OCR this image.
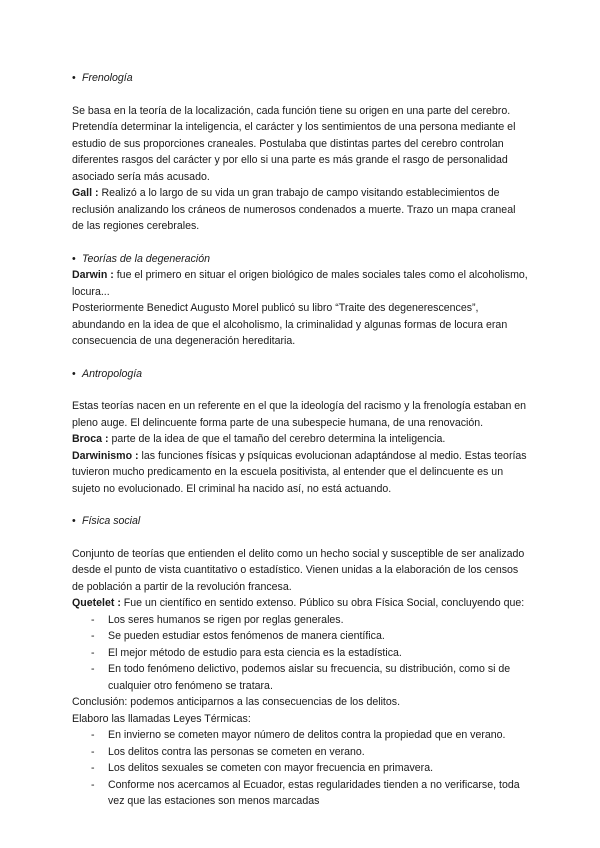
• Frenología

Se basa en la teoría de la localización, cada función tiene su origen en una parte del cerebro. Pretendía determinar la inteligencia, el carácter y los sentimientos de una persona mediante el estudio de sus proporciones craneales. Postulaba que distintas partes del cerebro controlan diferentes rasgos del carácter y por ello si una parte es más grande el rasgo de personalidad asociado sería más acusado.

Gall : Realizó a lo largo de su vida un gran trabajo de campo visitando establecimientos de reclusión analizando los cráneos de numerosos condenados a muerte. Trazo un mapa craneal de las regiones cerebrales.

• Teorías de la degeneración

Darwin : fue el primero en situar el origen biológico de males sociales tales como el alcoholismo, locura...

Posteriormente Benedict Augusto Morel publicó su libro “Traite des degenerescences”, abundando en la idea de que el alcoholismo, la criminalidad y algunas formas de locura eran consecuencia de una degeneración hereditaria.

• Antropología

Estas teorías nacen en un referente en el que la ideología del racismo y la frenología estaban en pleno auge. El delincuente forma parte de una subespecie humana, de una renovación.

Broca : parte de la idea de que el tamaño del cerebro determina la inteligencia.

Darwinismo : las funciones físicas y psíquicas evolucionan adaptándose al medio. Estas teorías tuvieron mucho predicamento en la escuela positivista, al entender que el delincuente es un sujeto no evolucionado. El criminal ha nacido así, no está actuando.

• Física social

Conjunto de teorías que entienden el delito como un hecho social y susceptible de ser analizado desde el punto de vista cuantitativo o estadístico. Vienen unidas a la elaboración de los censos de población a partir de la revolución francesa.

Quetelet : Fue un científico en sentido extenso. Público su obra Física Social, concluyendo que:

- Los seres humanos se rigen por reglas generales.
- Se pueden estudiar estos fenómenos de manera científica.
- El mejor método de estudio para esta ciencia es la estadística.
- En todo fenómeno delictivo, podemos aislar su frecuencia, su distribución, como si de cualquier otro fenómeno se tratara.

Conclusión: podemos anticiparnos a las consecuencias de los delitos.

Elaboro las llamadas Leyes Térmicas:

- En invierno se cometen mayor número de delitos contra la propiedad que en verano.
- Los delitos contra las personas se cometen en verano.
- Los delitos sexuales se cometen con mayor frecuencia en primavera.
- Conforme nos acercamos al Ecuador, estas regularidades tienden a no verificarse, toda vez que las estaciones son menos marcadas
